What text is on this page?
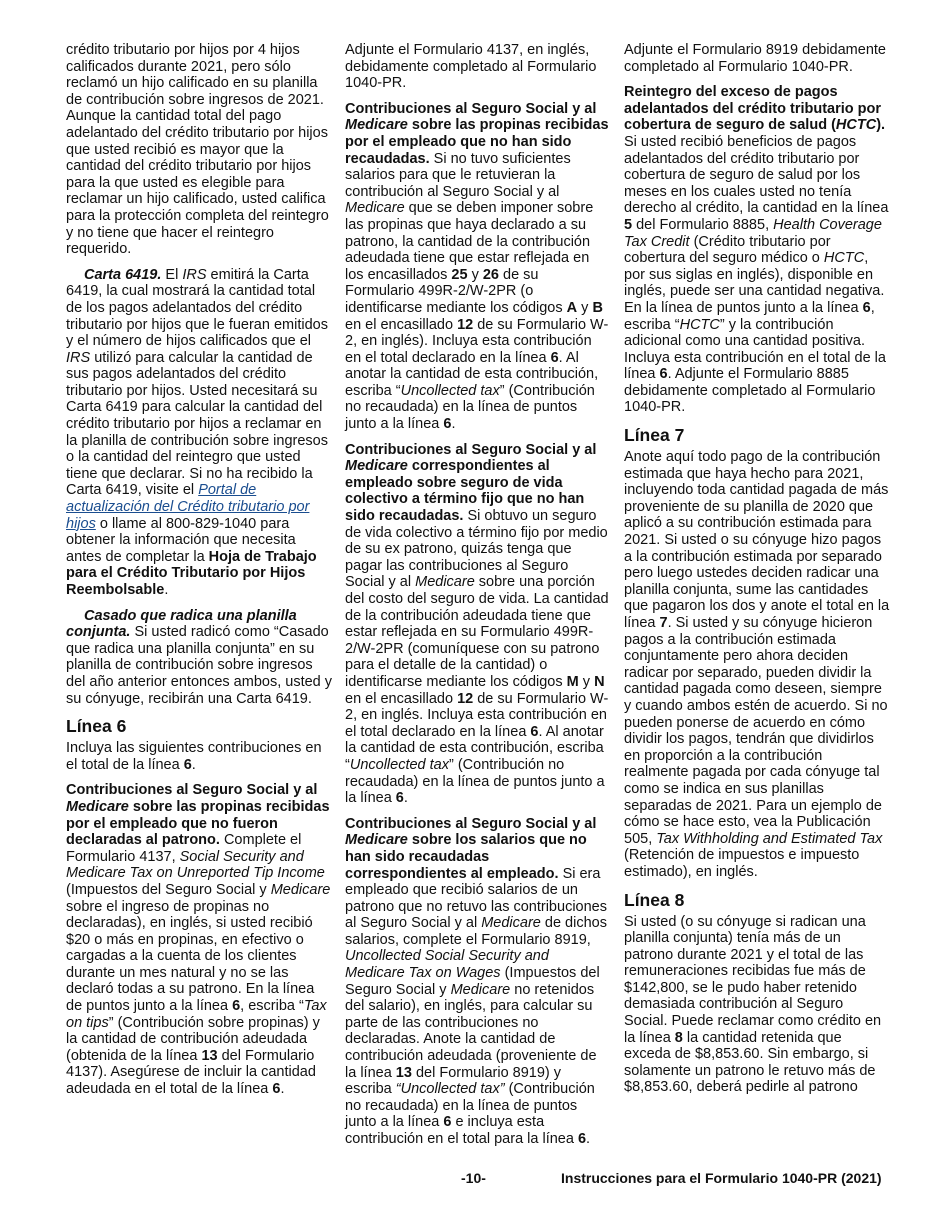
crédito tributario por hijos por 4 hijos calificados durante 2021, pero sólo reclamó un hijo calificado en su planilla de contribución sobre ingresos de 2021. Aunque la cantidad total del pago adelantado del crédito tributario por hijos que usted recibió es mayor que la cantidad del crédito tributario por hijos para la que usted es elegible para reclamar un hijo calificado, usted califica para la protección completa del reintegro y no tiene que hacer el reintegro requerido.

Carta 6419. El IRS emitirá la Carta 6419, la cual mostrará la cantidad total de los pagos adelantados del crédito tributario por hijos que le fueran emitidos y el número de hijos calificados que el IRS utilizó para calcular la cantidad de sus pagos adelantados del crédito tributario por hijos. Usted necesitará su Carta 6419 para calcular la cantidad del crédito tributario por hijos a reclamar en la planilla de contribución sobre ingresos o la cantidad del reintegro que usted tiene que declarar. Si no ha recibido la Carta 6419, visite el Portal de actualización del Crédito tributario por hijos o llame al 800-829-1040 para obtener la información que necesita antes de completar la Hoja de Trabajo para el Crédito Tributario por Hijos Reembolsable.

Casado que radica una planilla conjunta. Si usted radicó como “Casado que radica una planilla conjunta” en su planilla de contribución sobre ingresos del año anterior entonces ambos, usted y su cónyuge, recibirán una Carta 6419.

Línea 6

Incluya las siguientes contribuciones en el total de la línea 6.

Contribuciones al Seguro Social y al Medicare sobre las propinas recibidas por el empleado que no fueron declaradas al patrono. Complete el Formulario 4137, Social Security and Medicare Tax on Unreported Tip Income (Impuestos del Seguro Social y Medicare sobre el ingreso de propinas no declaradas), en inglés, si usted recibió $20 o más en propinas, en efectivo o cargadas a la cuenta de los clientes durante un mes natural y no se las declaró todas a su patrono. En la línea de puntos junto a la línea 6, escriba “Tax on tips” (Contribución sobre propinas) y la cantidad de contribución adeudada (obtenida de la línea 13 del Formulario 4137). Asegúrese de incluir la cantidad adeudada en el total de la línea 6.

Adjunte el Formulario 4137, en inglés, debidamente completado al Formulario 1040-PR.

Contribuciones al Seguro Social y al Medicare sobre las propinas recibidas por el empleado que no han sido recaudadas. Si no tuvo suficientes salarios para que le retuvieran la contribución al Seguro Social y al Medicare que se deben imponer sobre las propinas que haya declarado a su patrono, la cantidad de la contribución adeudada tiene que estar reflejada en los encasillados 25 y 26 de su Formulario 499R-2/W-2PR (o identificarse mediante los códigos A y B en el encasillado 12 de su Formulario W-2, en inglés). Incluya esta contribución en el total declarado en la línea 6. Al anotar la cantidad de esta contribución, escriba “Uncollected tax” (Contribución no recaudada) en la línea de puntos junto a la línea 6.

Contribuciones al Seguro Social y al Medicare correspondientes al empleado sobre seguro de vida colectivo a término fijo que no han sido recaudadas. Si obtuvo un seguro de vida colectivo a término fijo por medio de su ex patrono, quizás tenga que pagar las contribuciones al Seguro Social y al Medicare sobre una porción del costo del seguro de vida. La cantidad de la contribución adeudada tiene que estar reflejada en su Formulario 499R-2/W-2PR (comuníquese con su patrono para el detalle de la cantidad) o identificarse mediante los códigos M y N en el encasillado 12 de su Formulario W-2, en inglés. Incluya esta contribución en el total declarado en la línea 6. Al anotar la cantidad de esta contribución, escriba “Uncollected tax” (Contribución no recaudada) en la línea de puntos junto a la línea 6.

Contribuciones al Seguro Social y al Medicare sobre los salarios que no han sido recaudadas correspondientes al empleado. Si era empleado que recibió salarios de un patrono que no retuvo las contribuciones al Seguro Social y al Medicare de dichos salarios, complete el Formulario 8919, Uncollected Social Security and Medicare Tax on Wages (Impuestos del Seguro Social y Medicare no retenidos del salario), en inglés, para calcular su parte de las contribuciones no declaradas. Anote la cantidad de contribución adeudada (proveniente de la línea 13 del Formulario 8919) y escriba “Uncollected tax” (Contribución no recaudada) en la línea de puntos junto a la línea 6 e incluya esta contribución en el total para la línea 6.

Adjunte el Formulario 8919 debidamente completado al Formulario 1040-PR.

Reintegro del exceso de pagos adelantados del crédito tributario por cobertura de seguro de salud (HCTC). Si usted recibió beneficios de pagos adelantados del crédito tributario por cobertura de seguro de salud por los meses en los cuales usted no tenía derecho al crédito, la cantidad en la línea 5 del Formulario 8885, Health Coverage Tax Credit (Crédito tributario por cobertura del seguro médico o HCTC, por sus siglas en inglés), disponible en inglés, puede ser una cantidad negativa. En la línea de puntos junto a la línea 6, escriba “HCTC” y la contribución adicional como una cantidad positiva. Incluya esta contribución en el total de la línea 6. Adjunte el Formulario 8885 debidamente completado al Formulario 1040-PR.

Línea 7

Anote aquí todo pago de la contribución estimada que haya hecho para 2021, incluyendo toda cantidad pagada de más proveniente de su planilla de 2020 que aplicó a su contribución estimada para 2021. Si usted o su cónyuge hizo pagos a la contribución estimada por separado pero luego ustedes deciden radicar una planilla conjunta, sume las cantidades que pagaron los dos y anote el total en la línea 7. Si usted y su cónyuge hicieron pagos a la contribución estimada conjuntamente pero ahora deciden radicar por separado, pueden dividir la cantidad pagada como deseen, siempre y cuando ambos estén de acuerdo. Si no pueden ponerse de acuerdo en cómo dividir los pagos, tendrán que dividirlos en proporción a la contribución realmente pagada por cada cónyuge tal como se indica en sus planillas separadas de 2021. Para un ejemplo de cómo se hace esto, vea la Publicación 505, Tax Withholding and Estimated Tax (Retención de impuestos e impuesto estimado), en inglés.

Línea 8

Si usted (o su cónyuge si radican una planilla conjunta) tenía más de un patrono durante 2021 y el total de las remuneraciones recibidas fue más de $142,800, se le pudo haber retenido demasiada contribución al Seguro Social. Puede reclamar como crédito en la línea 8 la cantidad retenida que exceda de $8,853.60. Sin embargo, si solamente un patrono le retuvo más de $8,853.60, deberá pedirle al patrono

-10-	Instrucciones para el Formulario 1040-PR (2021)
